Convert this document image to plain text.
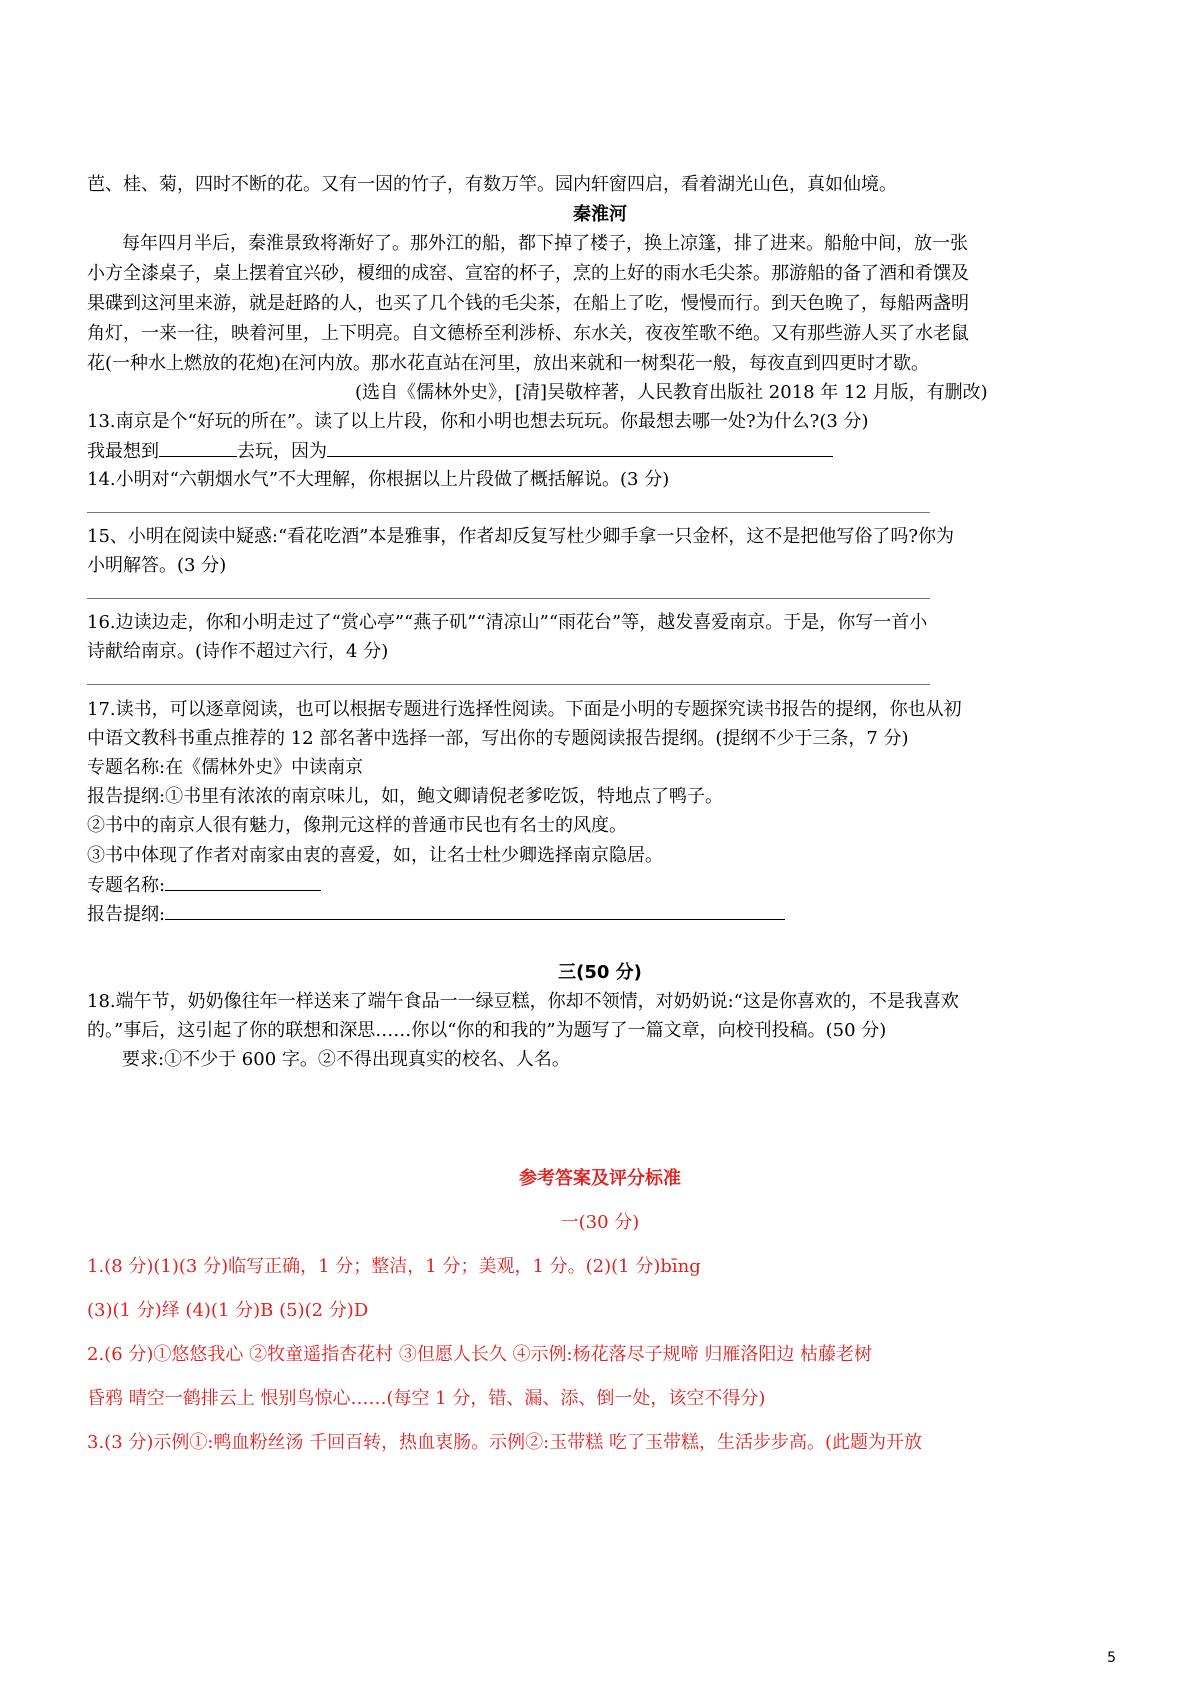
芭、桂、菊，四时不断的花。又有一因的竹子，有数万竿。园内轩窗四启，看着湖光山色，真如仙境。

秦淮河

每年四月半后，秦淮景致将渐好了。那外江的船，都下掉了楼子，换上凉篷，排了进来。船舱中间，放一张

小方全漆桌子，桌上摆着宜兴砂，榎细的成窑、宣窑的杯子，烹的上好的雨水毛尖茶。那游船的备了酒和肴馔及

果碟到这河里来游，就是赶路的人，也买了几个钱的毛尖茶，在船上了吃，慢慢而行。到天色晚了，每船两盏明

角灯，一来一往，映着河里，上下明亮。自文德桥至利涉桥、东水关，夜夜笙歌不绝。又有那些游人买了水老鼠

花(一种水上燃放的花炮)在河内放。那水花直站在河里，放出来就和一树梨花一般，每夜直到四更时才歇。

(选自《儒林外史》，[清]吴敬梓著，人民教育出版社 2018 年 12 月版，有删改)

13.南京是个“好玩的所在”。读了以上片段，你和小明也想去玩玩。你最想去哪一处?为什么?(3 分)

我最想到	去玩，因为

14.小明对“六朝烟水气”不大理解，你根据以上片段做了概括解说。(3 分)

15、小明在阅读中疑惑:“看花吃酒”本是雅事，作者却反复写杜少卿手拿一只金杯，这不是把他写俗了吗?你为

小明解答。(3 分)

16.边读边走，你和小明走过了“赏心亭”“燕子矶”“清凉山”“雨花台”等，越发喜爱南京。于是，你写一首小

诗献给南京。(诗作不超过六行，4 分)

17.读书，可以逐章阅读，也可以根据专题进行选择性阅读。下面是小明的专题探究读书报告的提纲，你也从初

中语文教科书重点推荐的 12 部名著中选择一部，写出你的专题阅读报告提纲。(提纲不少于三条，7 分)

专题名称:在《儒林外史》中读南京

报告提纲:①书里有浓浓的南京味儿，如，鲍文卿请倪老爹吃饭，特地点了鸭子。

②书中的南京人很有魅力，像荆元这样的普通市民也有名士的风度。

③书中体现了作者对南家由衷的喜爱，如，让名士杜少卿选择南京隐居。

专题名称:

报告提纲:

三(50 分)

18.端午节，奶奶像往年一样送来了端午食品一一绿豆糕，你却不领情，对奶奶说:“这是你喜欢的，不是我喜欢

的。”事后，这引起了你的联想和深思……你以“你的和我的”为题写了一篇文章，向校刊投稿。(50 分)

要求:①不少于 600 字。②不得出现真实的校名、人名。

参考答案及评分标准

一(30 分)

1.(8 分)(1)(3 分)临写正确，1 分；整洁，1 分；美观，1 分。(2)(1 分)bīng

(3)(1 分)绎 (4)(1 分)B (5)(2 分)D

2.(6 分)①悠悠我心 ②牧童遥指杏花村 ③但愿人长久 ④示例:杨花落尽子规啼 归雁洛阳边 枯藤老树

昏鸦 晴空一鹤排云上 恨别鸟惊心……(每空 1 分，错、漏、添、倒一处，该空不得分)

3.(3 分)示例①:鸭血粉丝汤 千回百转，热血衷肠。示例②:玉带糕 吃了玉带糕，生活步步高。(此题为开放

5
